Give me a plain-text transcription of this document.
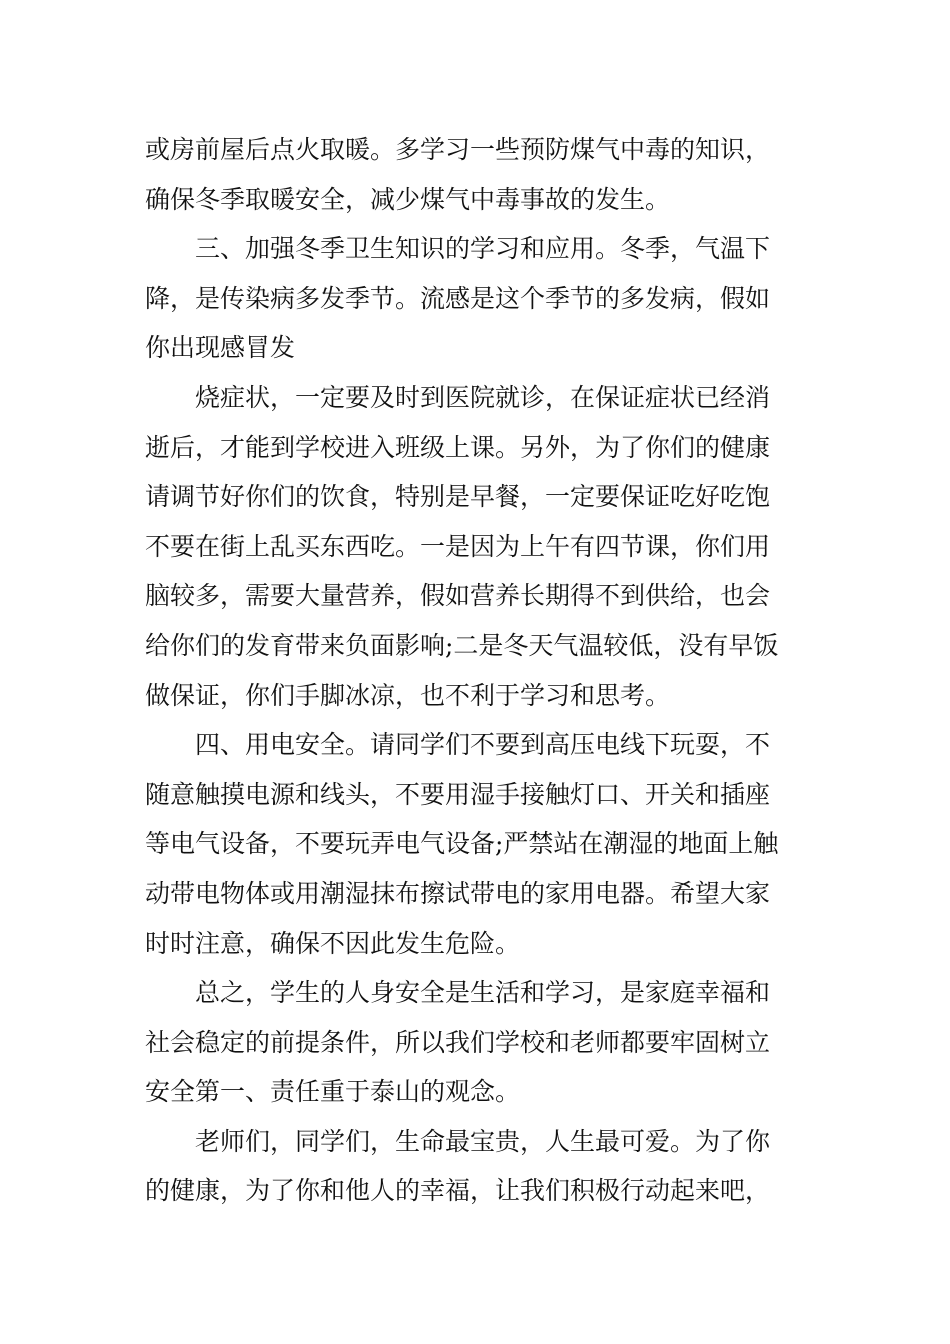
或房前屋后点火取暖。多学习一些预防煤气中毒的知识，
确保冬季取暖安全，减少煤气中毒事故的发生。
三、加强冬季卫生知识的学习和应用。冬季，气温下
降，是传染病多发季节。流感是这个季节的多发病，假如
你出现感冒发
烧症状，一定要及时到医院就诊，在保证症状已经消
逝后，才能到学校进入班级上课。另外，为了你们的健康
请调节好你们的饮食，特别是早餐，一定要保证吃好吃饱
不要在街上乱买东西吃。一是因为上午有四节课，你们用
脑较多，需要大量营养，假如营养长期得不到供给，也会
给你们的发育带来负面影响;二是冬天气温较低，没有早饭
做保证，你们手脚冰凉，也不利于学习和思考。
四、用电安全。请同学们不要到高压电线下玩耍，不
随意触摸电源和线头，不要用湿手接触灯口、开关和插座
等电气设备，不要玩弄电气设备;严禁站在潮湿的地面上触
动带电物体或用潮湿抹布擦试带电的家用电器。希望大家
时时注意，确保不因此发生危险。
总之，学生的人身安全是生活和学习，是家庭幸福和
社会稳定的前提条件，所以我们学校和老师都要牢固树立
安全第一、责任重于泰山的观念。
老师们，同学们，生命最宝贵，人生最可爱。为了你
的健康，为了你和他人的幸福，让我们积极行动起来吧，
